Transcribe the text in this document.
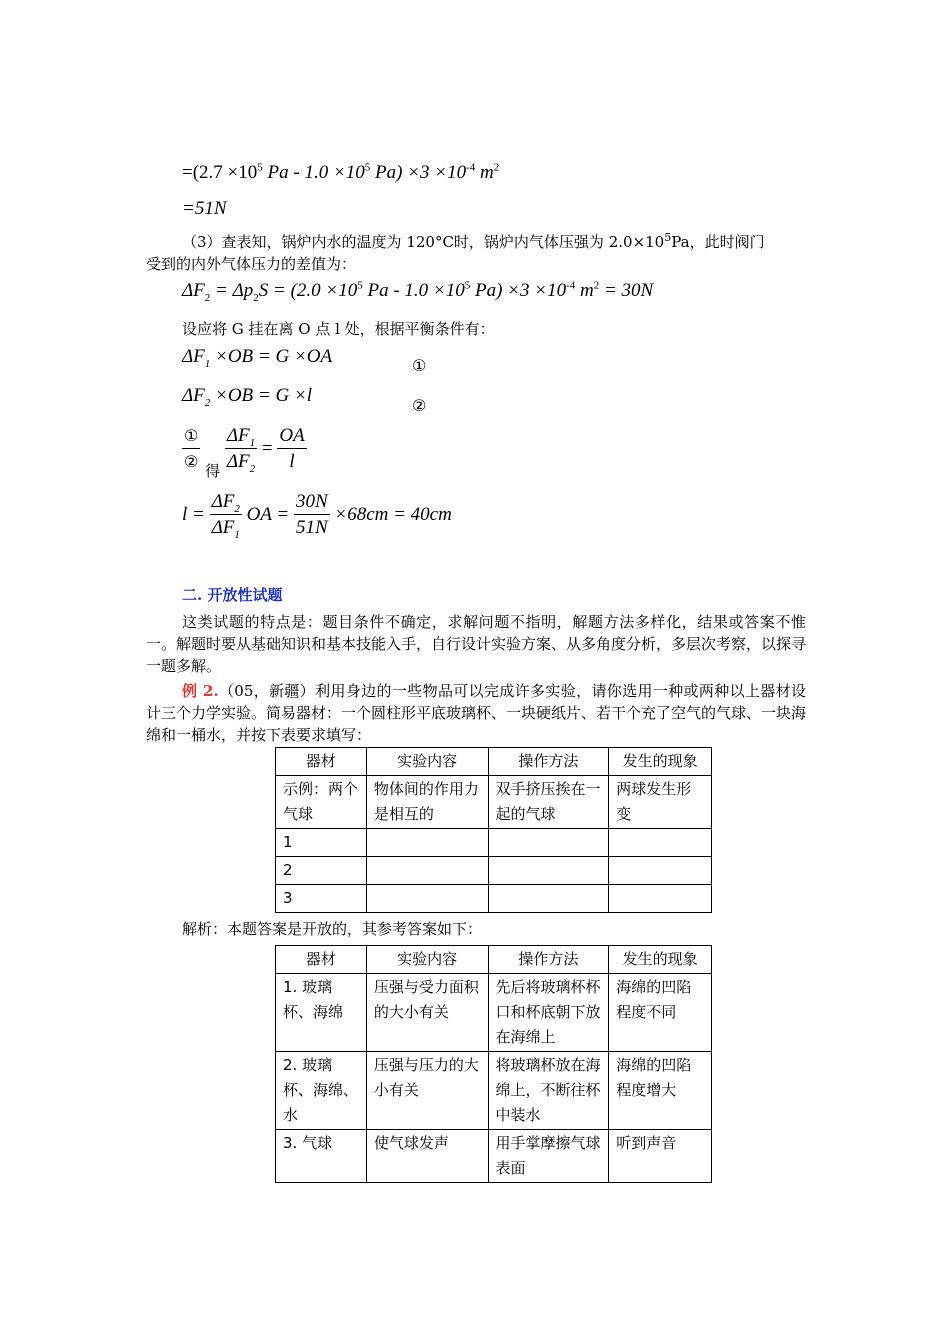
$=(2.7 \times 10^5$ $Pa - 1.0 \times 10^5$ $Pa) \times 3 \times 10^{-4}$ $m^2$
=51N
（3）查表知，锅炉内水的温度为 120°C时，锅炉内气体压强为 $2.0\times 10^5Pa$，此时阀门
受到的内外气体压力的差值为：
$\Delta F_2 = \Delta p_2S = (2.0 \times 10^5$ $Pa - 1.0 \times 10^5$ $Pa) \times 3 \times 10^{-4}$ $m^2 = 30N$
设应将 G 挂在离 O 点 l 处，根据平衡条件有：
$\Delta F_1 \times OB = G \times OA$	①
$\Delta F_2 \times OB = G \times l$	②
$\frac{\text{①}}{\text{②}} _得 \frac{\Delta F_1}{\Delta F_2} = \frac{OA}{l}$
$l = \frac{\Delta F_2}{\Delta F_1}$ OA = $\frac{30N}{51N} \times 68cm = 40cm$
二. 开放性试题
这类试题的特点是：题目条件不确定，求解问题不指明，解题方法多样化，结果或答案不惟一。解题时要从基础知识和基本技能入手，自行设计实验方案、从多角度分析，多层次考察，以探寻一题多解。
例 2.（05，新疆）利用身边的一些物品可以完成许多实验，请你选用一种或两种以上器材设计三个力学实验。简易器材：一个圆柱形平底玻璃杯、一块硬纸片、若干个充了空气的气球、一块海绵和一桶水，并按下表要求填写：
器材	实验内容	操作方法	发生的现象
示例：两个气球	物体间的作用力是相互的	双手挤压挨在一起的气球	两球发生形变
1			
2			
3			
解析：本题答案是开放的，其参考答案如下：
器材	实验内容	操作方法	发生的现象
1. 玻璃杯、海绵	压强与受力面积的大小有关	先后将玻璃杯杯口和杯底朝下放在海绵上	海绵的凹陷程度不同
2. 玻璃杯、海绵、水	压强与压力的大小有关	将玻璃杯放在海绵上，不断往杯中装水	海绵的凹陷程度增大
3. 气球	使气球发声	用手掌摩擦气球表面	听到声音
